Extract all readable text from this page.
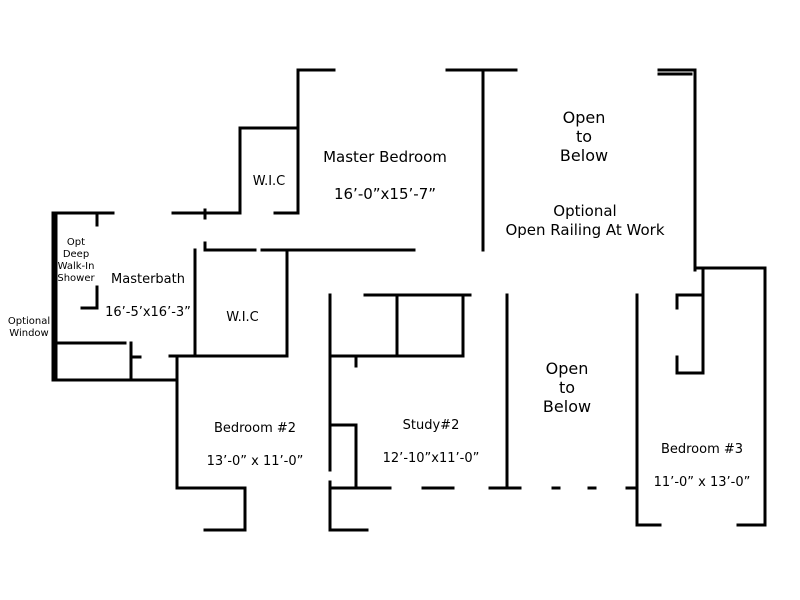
Master Bedroom

16’-0”x15’-7”

W.I.C

W.I.C

Masterbath

16’-5’x16’-3”

Opt
Deep
Walk-In
Shower
Optional
Window
Open
to
Below
Optional
Open Railing At Work
Open
to
Below

Bedroom #2

13’-0” x 11’-0”

Study#2

12’-10”x11’-0”

Bedroom #3

11’-0” x 13’-0”
